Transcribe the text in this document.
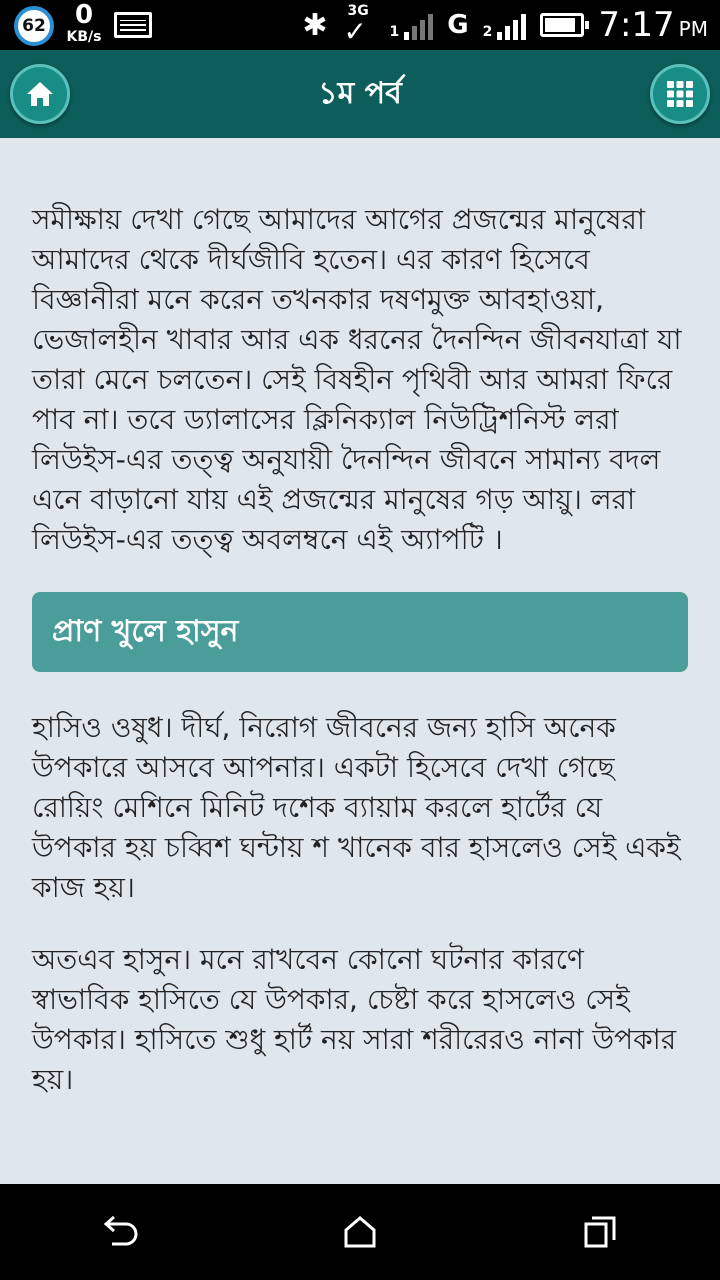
62	0
KB/s	✱ 3G
✓ 1 G 2	7:17 PM
১ম পর্ব

সমীক্ষায় দেখা গেছে আমাদের আগের প্রজন্মের মানুষেরা আমাদের থেকে দীর্ঘজীবি হতেন। এর কারণ হিসেবে বিজ্ঞানীরা মনে করেন তখনকার দষণমুক্ত আবহাওয়া, ভেজালহীন খাবার আর এক ধরনের দৈনন্দিন জীবনযাত্রা যা তারা মেনে চলতেন। সেই বিষহীন পৃথিবী আর আমরা ফিরে পাব না। তবে ড্যালাসের ক্লিনিক্যাল নিউট্রিশনিস্ট লরা লিউইস-এর তত্ত্ব অনুযায়ী দৈনন্দিন জীবনে সামান্য বদল এনে বাড়ানো যায় এই প্রজন্মের মানুষের গড় আয়ু। লরা লিউইস-এর তত্ত্ব অবলম্বনে এই অ্যাপটি ।

প্রাণ খুলে হাসুন

হাসিও ওষুধ। দীর্ঘ, নিরোগ জীবনের জন্য হাসি অনেক উপকারে আসবে আপনার। একটা হিসেবে দেখা গেছে রোয়িং মেশিনে মিনিট দশেক ব্যায়াম করলে হার্টের যে উপকার হয় চব্বিশ ঘন্টায় শ খানেক বার হাসলেও সেই একই কাজ হয়।

অতএব হাসুন। মনে রাখবেন কোনো ঘটনার কারণে স্বাভাবিক হাসিতে যে উপকার, চেষ্টা করে হাসলেও সেই উপকার। হাসিতে শুধু হার্ট নয় সারা শরীরেরও নানা উপকার হয়।
